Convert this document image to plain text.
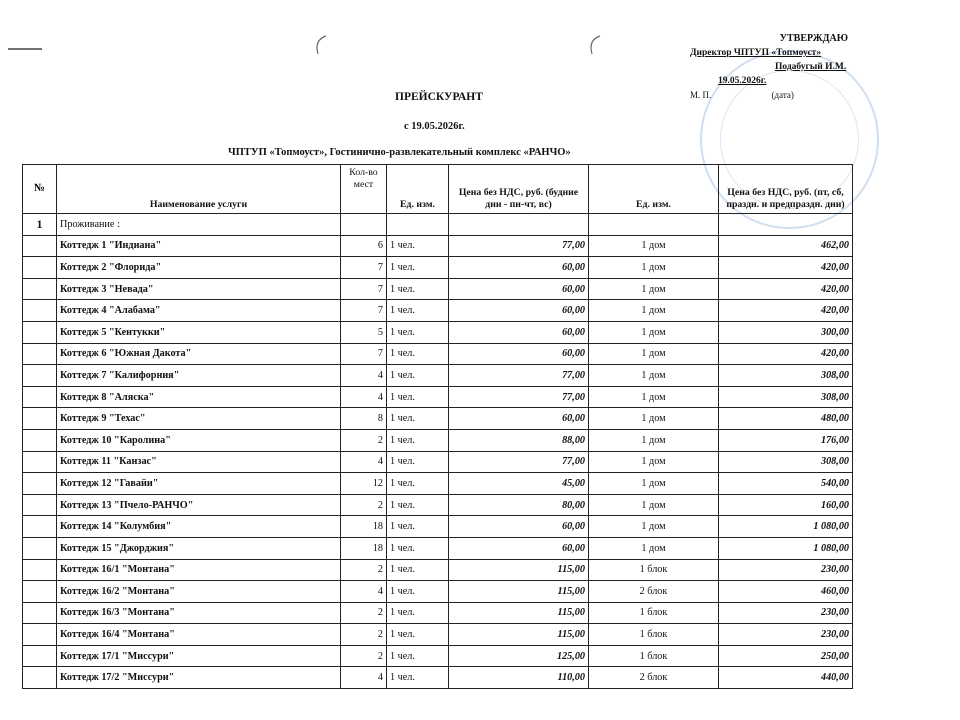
УТВЕРЖДАЮ
Директор ЧПТУП «Топмоуст»
Подабугый И.М.
19.05.2026г.
М. П.	(дата)
ПРЕЙСКУРАНТ
с 19.05.2026г.
ЧПТУП «Топмоуст», Гостинично-развлекательный комплекс «РАНЧО»
№	Наименование услуги	Кол-во мест	Ед. изм.	Цена без НДС, руб. (будние дни - пн-чт, вс)	Ед. изм.	Цена без НДС, руб. (пт, сб, праздн. и предпраздн. дни)
1	Проживание :					
	Коттедж 1 "Индиана"	6	1 чел.	77,00	1 дом	462,00
	Коттедж 2 "Флорида"	7	1 чел.	60,00	1 дом	420,00
	Коттедж 3 "Невада"	7	1 чел.	60,00	1 дом	420,00
	Коттедж 4 "Алабама"	7	1 чел.	60,00	1 дом	420,00
	Коттедж 5 "Кентукки"	5	1 чел.	60,00	1 дом	300,00
	Коттедж 6 "Южная Дакота"	7	1 чел.	60,00	1 дом	420,00
	Коттедж 7 "Калифорния"	4	1 чел.	77,00	1 дом	308,00
	Коттедж 8 "Аляска"	4	1 чел.	77,00	1 дом	308,00
	Коттедж 9 "Техас"	8	1 чел.	60,00	1 дом	480,00
	Коттедж 10 "Каролина"	2	1 чел.	88,00	1 дом	176,00
	Коттедж 11 "Канзас"	4	1 чел.	77,00	1 дом	308,00
	Коттедж 12 "Гавайи"	12	1 чел.	45,00	1 дом	540,00
	Коттедж 13 "Пчело-РАНЧО"	2	1 чел.	80,00	1 дом	160,00
	Коттедж 14 "Колумбия"	18	1 чел.	60,00	1 дом	1 080,00
	Коттедж 15 "Джорджия"	18	1 чел.	60,00	1 дом	1 080,00
	Коттедж 16/1 "Монтана"	2	1 чел.	115,00	1 блок	230,00
	Коттедж 16/2 "Монтана"	4	1 чел.	115,00	2 блок	460,00
	Коттедж 16/3 "Монтана"	2	1 чел.	115,00	1 блок	230,00
	Коттедж 16/4 "Монтана"	2	1 чел.	115,00	1 блок	230,00
	Коттедж 17/1 "Миссури"	2	1 чел.	125,00	1 блок	250,00
	Коттедж 17/2 "Миссури"	4	1 чел.	110,00	2 блок	440,00
